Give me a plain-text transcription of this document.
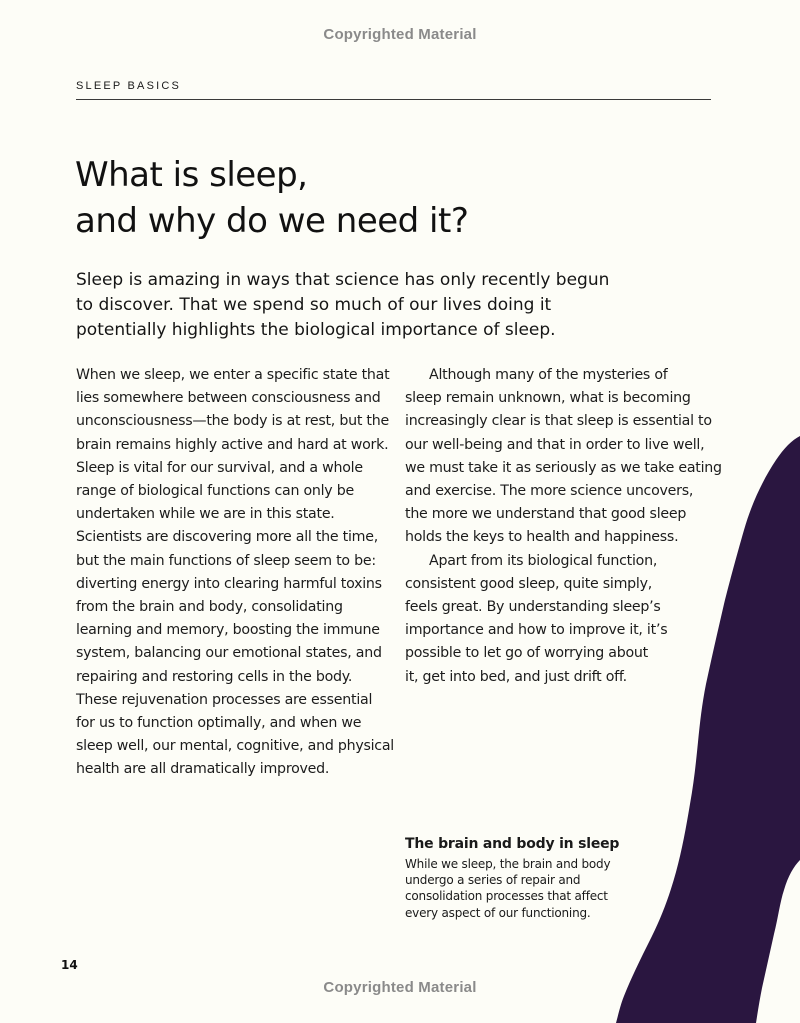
Copyrighted Material
SLEEP BASICS
What is sleep,
and why do we need it?
Sleep is amazing in ways that science has only recently begun
to discover. That we spend so much of our lives doing it
potentially highlights the biological importance of sleep.
When we sleep, we enter a specific state that
lies somewhere between consciousness and
unconsciousness—the body is at rest, but the
brain remains highly active and hard at work.
Sleep is vital for our survival, and a whole
range of biological functions can only be
undertaken while we are in this state.
Scientists are discovering more all the time,
but the main functions of sleep seem to be:
diverting energy into clearing harmful toxins
from the brain and body, consolidating
learning and memory, boosting the immune
system, balancing our emotional states, and
repairing and restoring cells in the body.
These rejuvenation processes are essential
for us to function optimally, and when we
sleep well, our mental, cognitive, and physical
health are all dramatically improved.
Although many of the mysteries of
sleep remain unknown, what is becoming
increasingly clear is that sleep is essential to
our well-being and that in order to live well,
we must take it as seriously as we take eating
and exercise. The more science uncovers,
the more we understand that good sleep
holds the keys to health and happiness.
Apart from its biological function,
consistent good sleep, quite simply,
feels great. By understanding sleep’s
importance and how to improve it, it’s
possible to let go of worrying about
it, get into bed, and just drift off.
The brain and body in sleep
While we sleep, the brain and body
undergo a series of repair and
consolidation processes that affect
every aspect of our functioning.
14
Copyrighted Material
